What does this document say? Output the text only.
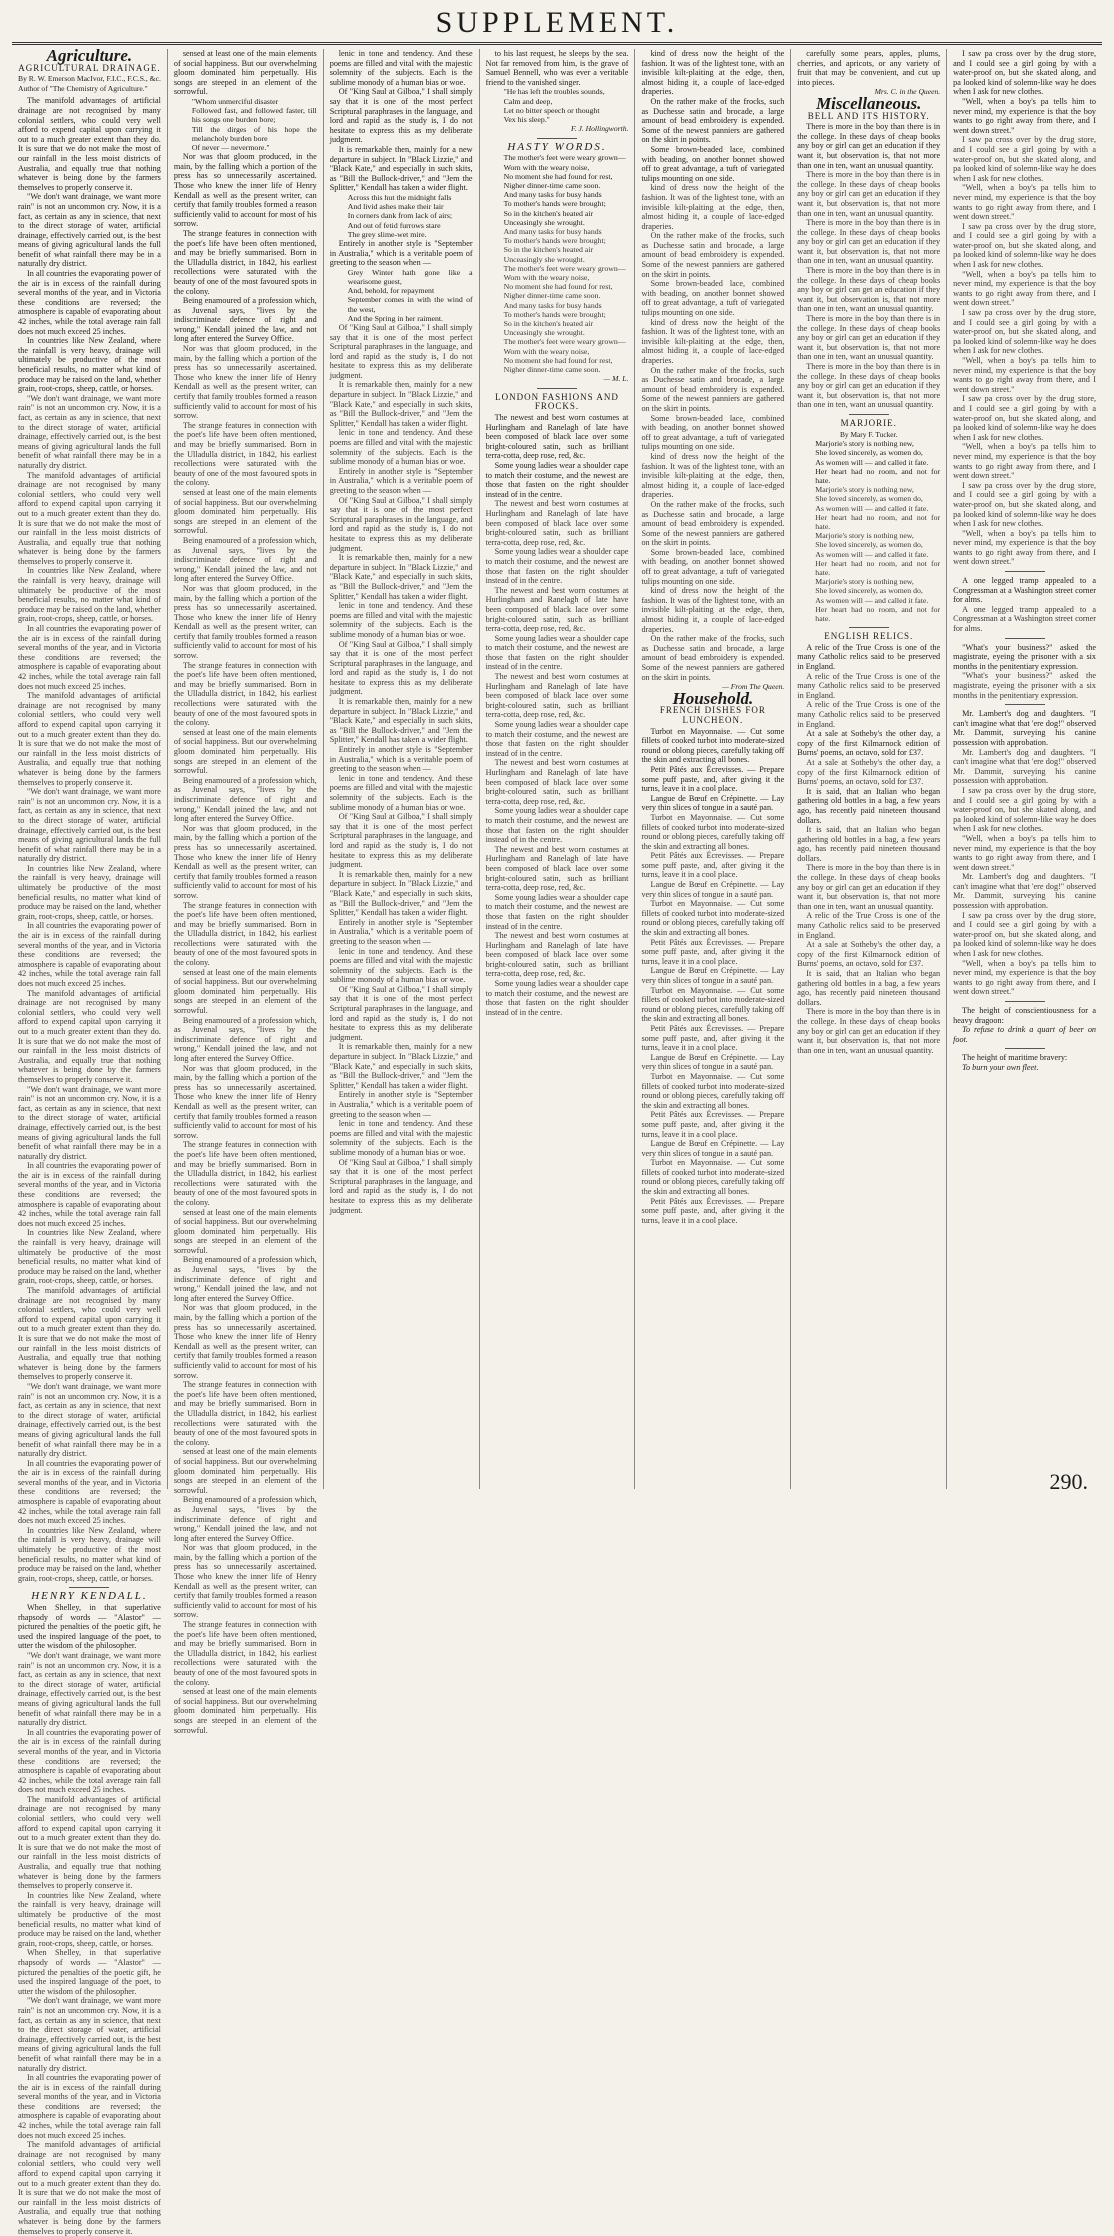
SUPPLEMENT.
Agriculture.
AGRICULTURAL DRAINAGE.
By R. W. Emerson MacIvor, F.I.C., F.C.S., &c. Author of "The Chemistry of Agriculture."

The manifold advantages of artificial drainage are not recognised by many colonial settlers, who could very well afford to expend capital upon carrying it out to a much greater extent than they do. It is sure that we do not make the most of our rainfall in the less moist districts of Australia, and equally true that nothing whatever is being done by the farmers themselves to properly conserve it.

"We don't want drainage, we want more rain" is not an uncommon cry. Now, it is a fact, as certain as any in science, that next to the direct storage of water, artificial drainage, effectively carried out, is the best means of giving agricultural lands the full benefit of what rainfall there may be in a naturally dry district.

In all countries the evaporating power of the air is in excess of the rainfall during several months of the year, and in Victoria these conditions are reversed; the atmosphere is capable of evaporating about 42 inches, while the total average rain fall does not much exceed 25 inches.

In countries like New Zealand, where the rainfall is very heavy, drainage will ultimately be productive of the most beneficial results, no matter what kind of produce may be raised on the land, whether grain, root-crops, sheep, cattle, or horses.

"We don't want drainage, we want more rain" is not an uncommon cry. Now, it is a fact, as certain as any in science, that next to the direct storage of water, artificial drainage, effectively carried out, is the best means of giving agricultural lands the full benefit of what rainfall there may be in a naturally dry district.

The manifold advantages of artificial drainage are not recognised by many colonial settlers, who could very well afford to expend capital upon carrying it out to a much greater extent than they do. It is sure that we do not make the most of our rainfall in the less moist districts of Australia, and equally true that nothing whatever is being done by the farmers themselves to properly conserve it.

In countries like New Zealand, where the rainfall is very heavy, drainage will ultimately be productive of the most beneficial results, no matter what kind of produce may be raised on the land, whether grain, root-crops, sheep, cattle, or horses.

In all countries the evaporating power of the air is in excess of the rainfall during several months of the year, and in Victoria these conditions are reversed; the atmosphere is capable of evaporating about 42 inches, while the total average rain fall does not much exceed 25 inches.

The manifold advantages of artificial drainage are not recognised by many colonial settlers, who could very well afford to expend capital upon carrying it out to a much greater extent than they do. It is sure that we do not make the most of our rainfall in the less moist districts of Australia, and equally true that nothing whatever is being done by the farmers themselves to properly conserve it.

"We don't want drainage, we want more rain" is not an uncommon cry. Now, it is a fact, as certain as any in science, that next to the direct storage of water, artificial drainage, effectively carried out, is the best means of giving agricultural lands the full benefit of what rainfall there may be in a naturally dry district.

In countries like New Zealand, where the rainfall is very heavy, drainage will ultimately be productive of the most beneficial results, no matter what kind of produce may be raised on the land, whether grain, root-crops, sheep, cattle, or horses.

In all countries the evaporating power of the air is in excess of the rainfall during several months of the year, and in Victoria these conditions are reversed; the atmosphere is capable of evaporating about 42 inches, while the total average rain fall does not much exceed 25 inches.

The manifold advantages of artificial drainage are not recognised by many colonial settlers, who could very well afford to expend capital upon carrying it out to a much greater extent than they do. It is sure that we do not make the most of our rainfall in the less moist districts of Australia, and equally true that nothing whatever is being done by the farmers themselves to properly conserve it.

"We don't want drainage, we want more rain" is not an uncommon cry. Now, it is a fact, as certain as any in science, that next to the direct storage of water, artificial drainage, effectively carried out, is the best means of giving agricultural lands the full benefit of what rainfall there may be in a naturally dry district.

In all countries the evaporating power of the air is in excess of the rainfall during several months of the year, and in Victoria these conditions are reversed; the atmosphere is capable of evaporating about 42 inches, while the total average rain fall does not much exceed 25 inches.

In countries like New Zealand, where the rainfall is very heavy, drainage will ultimately be productive of the most beneficial results, no matter what kind of produce may be raised on the land, whether grain, root-crops, sheep, cattle, or horses.

The manifold advantages of artificial drainage are not recognised by many colonial settlers, who could very well afford to expend capital upon carrying it out to a much greater extent than they do. It is sure that we do not make the most of our rainfall in the less moist districts of Australia, and equally true that nothing whatever is being done by the farmers themselves to properly conserve it.

"We don't want drainage, we want more rain" is not an uncommon cry. Now, it is a fact, as certain as any in science, that next to the direct storage of water, artificial drainage, effectively carried out, is the best means of giving agricultural lands the full benefit of what rainfall there may be in a naturally dry district.

In all countries the evaporating power of the air is in excess of the rainfall during several months of the year, and in Victoria these conditions are reversed; the atmosphere is capable of evaporating about 42 inches, while the total average rain fall does not much exceed 25 inches.

In countries like New Zealand, where the rainfall is very heavy, drainage will ultimately be productive of the most beneficial results, no matter what kind of produce may be raised on the land, whether grain, root-crops, sheep, cattle, or horses.

HENRY KENDALL.

When Shelley, in that superlative rhapsody of words — "Alastor" — pictured the penalties of the poetic gift, he used the inspired language of the poet, to utter the wisdom of the philosopher.

"We don't want drainage, we want more rain" is not an uncommon cry. Now, it is a fact, as certain as any in science, that next to the direct storage of water, artificial drainage, effectively carried out, is the best means of giving agricultural lands the full benefit of what rainfall there may be in a naturally dry district.

In all countries the evaporating power of the air is in excess of the rainfall during several months of the year, and in Victoria these conditions are reversed; the atmosphere is capable of evaporating about 42 inches, while the total average rain fall does not much exceed 25 inches.

The manifold advantages of artificial drainage are not recognised by many colonial settlers, who could very well afford to expend capital upon carrying it out to a much greater extent than they do. It is sure that we do not make the most of our rainfall in the less moist districts of Australia, and equally true that nothing whatever is being done by the farmers themselves to properly conserve it.

In countries like New Zealand, where the rainfall is very heavy, drainage will ultimately be productive of the most beneficial results, no matter what kind of produce may be raised on the land, whether grain, root-crops, sheep, cattle, or horses.

When Shelley, in that superlative rhapsody of words — "Alastor" — pictured the penalties of the poetic gift, he used the inspired language of the poet, to utter the wisdom of the philosopher.

"We don't want drainage, we want more rain" is not an uncommon cry. Now, it is a fact, as certain as any in science, that next to the direct storage of water, artificial drainage, effectively carried out, is the best means of giving agricultural lands the full benefit of what rainfall there may be in a naturally dry district.

In all countries the evaporating power of the air is in excess of the rainfall during several months of the year, and in Victoria these conditions are reversed; the atmosphere is capable of evaporating about 42 inches, while the total average rain fall does not much exceed 25 inches.

The manifold advantages of artificial drainage are not recognised by many colonial settlers, who could very well afford to expend capital upon carrying it out to a much greater extent than they do. It is sure that we do not make the most of our rainfall in the less moist districts of Australia, and equally true that nothing whatever is being done by the farmers themselves to properly conserve it.

sensed at least one of the main elements of social happiness. But our overwhelming gloom dominated him perpetually. His songs are steeped in an element of the sorrowful.

"Whom unmerciful disaster
Followed fast, and followed faster, till his songs one burden bore;
Till the dirges of his hope the melancholy burden bore
Of never — nevermore."

Nor was that gloom produced, in the main, by the falling which a portion of the press has so unnecessarily ascertained. Those who knew the inner life of Henry Kendall as well as the present writer, can certify that family troubles formed a reason sufficiently valid to account for most of his sorrow.

The strange features in connection with the poet's life have been often mentioned, and may be briefly summarised. Born in the Ulladulla district, in 1842, his earliest recollections were saturated with the beauty of one of the most favoured spots in the colony.

Being enamoured of a profession which, as Juvenal says, "lives by the indiscriminate defence of right and wrong," Kendall joined the law, and not long after entered the Survey Office.

Nor was that gloom produced, in the main, by the falling which a portion of the press has so unnecessarily ascertained. Those who knew the inner life of Henry Kendall as well as the present writer, can certify that family troubles formed a reason sufficiently valid to account for most of his sorrow.

The strange features in connection with the poet's life have been often mentioned, and may be briefly summarised. Born in the Ulladulla district, in 1842, his earliest recollections were saturated with the beauty of one of the most favoured spots in the colony.

sensed at least one of the main elements of social happiness. But our overwhelming gloom dominated him perpetually. His songs are steeped in an element of the sorrowful.

Being enamoured of a profession which, as Juvenal says, "lives by the indiscriminate defence of right and wrong," Kendall joined the law, and not long after entered the Survey Office.

Nor was that gloom produced, in the main, by the falling which a portion of the press has so unnecessarily ascertained. Those who knew the inner life of Henry Kendall as well as the present writer, can certify that family troubles formed a reason sufficiently valid to account for most of his sorrow.

The strange features in connection with the poet's life have been often mentioned, and may be briefly summarised. Born in the Ulladulla district, in 1842, his earliest recollections were saturated with the beauty of one of the most favoured spots in the colony.

sensed at least one of the main elements of social happiness. But our overwhelming gloom dominated him perpetually. His songs are steeped in an element of the sorrowful.

Being enamoured of a profession which, as Juvenal says, "lives by the indiscriminate defence of right and wrong," Kendall joined the law, and not long after entered the Survey Office.

Nor was that gloom produced, in the main, by the falling which a portion of the press has so unnecessarily ascertained. Those who knew the inner life of Henry Kendall as well as the present writer, can certify that family troubles formed a reason sufficiently valid to account for most of his sorrow.

The strange features in connection with the poet's life have been often mentioned, and may be briefly summarised. Born in the Ulladulla district, in 1842, his earliest recollections were saturated with the beauty of one of the most favoured spots in the colony.

sensed at least one of the main elements of social happiness. But our overwhelming gloom dominated him perpetually. His songs are steeped in an element of the sorrowful.

Being enamoured of a profession which, as Juvenal says, "lives by the indiscriminate defence of right and wrong," Kendall joined the law, and not long after entered the Survey Office.

Nor was that gloom produced, in the main, by the falling which a portion of the press has so unnecessarily ascertained. Those who knew the inner life of Henry Kendall as well as the present writer, can certify that family troubles formed a reason sufficiently valid to account for most of his sorrow.

The strange features in connection with the poet's life have been often mentioned, and may be briefly summarised. Born in the Ulladulla district, in 1842, his earliest recollections were saturated with the beauty of one of the most favoured spots in the colony.

sensed at least one of the main elements of social happiness. But our overwhelming gloom dominated him perpetually. His songs are steeped in an element of the sorrowful.

Being enamoured of a profession which, as Juvenal says, "lives by the indiscriminate defence of right and wrong," Kendall joined the law, and not long after entered the Survey Office.

Nor was that gloom produced, in the main, by the falling which a portion of the press has so unnecessarily ascertained. Those who knew the inner life of Henry Kendall as well as the present writer, can certify that family troubles formed a reason sufficiently valid to account for most of his sorrow.

The strange features in connection with the poet's life have been often mentioned, and may be briefly summarised. Born in the Ulladulla district, in 1842, his earliest recollections were saturated with the beauty of one of the most favoured spots in the colony.

sensed at least one of the main elements of social happiness. But our overwhelming gloom dominated him perpetually. His songs are steeped in an element of the sorrowful.

Being enamoured of a profession which, as Juvenal says, "lives by the indiscriminate defence of right and wrong," Kendall joined the law, and not long after entered the Survey Office.

Nor was that gloom produced, in the main, by the falling which a portion of the press has so unnecessarily ascertained. Those who knew the inner life of Henry Kendall as well as the present writer, can certify that family troubles formed a reason sufficiently valid to account for most of his sorrow.

The strange features in connection with the poet's life have been often mentioned, and may be briefly summarised. Born in the Ulladulla district, in 1842, his earliest recollections were saturated with the beauty of one of the most favoured spots in the colony.

sensed at least one of the main elements of social happiness. But our overwhelming gloom dominated him perpetually. His songs are steeped in an element of the sorrowful.

lenic in tone and tendency. And these poems are filled and vital with the majestic solemnity of the subjects. Each is the sublime monody of a human bias or woe.

Of "King Saul at Gilboa," I shall simply say that it is one of the most perfect Scriptural paraphrases in the language, and lord and rapid as the study is, I do not hesitate to express this as my deliberate judgment.

It is remarkable then, mainly for a new departure in subject. In "Black Lizzie," and "Black Kate," and especially in such skits, as "Bill the Bullock-driver," and "Jem the Splitter," Kendall has taken a wider flight.

Across this hut the midnight falls
And livid ashes make their lair
In corners dank from lack of airs;
And out of fetid furrows stare
The grey slime-wet mire.

Entirely in another style is "September in Australia," which is a veritable poem of greeting to the season when —

Grey Winter hath gone like a wearisome guest,
And, behold, for repayment
September comes in with the wind of the west,
And the Spring in her raiment.

Of "King Saul at Gilboa," I shall simply say that it is one of the most perfect Scriptural paraphrases in the language, and lord and rapid as the study is, I do not hesitate to express this as my deliberate judgment.

It is remarkable then, mainly for a new departure in subject. In "Black Lizzie," and "Black Kate," and especially in such skits, as "Bill the Bullock-driver," and "Jem the Splitter," Kendall has taken a wider flight.

lenic in tone and tendency. And these poems are filled and vital with the majestic solemnity of the subjects. Each is the sublime monody of a human bias or woe.

Entirely in another style is "September in Australia," which is a veritable poem of greeting to the season when —

Of "King Saul at Gilboa," I shall simply say that it is one of the most perfect Scriptural paraphrases in the language, and lord and rapid as the study is, I do not hesitate to express this as my deliberate judgment.

It is remarkable then, mainly for a new departure in subject. In "Black Lizzie," and "Black Kate," and especially in such skits, as "Bill the Bullock-driver," and "Jem the Splitter," Kendall has taken a wider flight.

lenic in tone and tendency. And these poems are filled and vital with the majestic solemnity of the subjects. Each is the sublime monody of a human bias or woe.

Of "King Saul at Gilboa," I shall simply say that it is one of the most perfect Scriptural paraphrases in the language, and lord and rapid as the study is, I do not hesitate to express this as my deliberate judgment.

It is remarkable then, mainly for a new departure in subject. In "Black Lizzie," and "Black Kate," and especially in such skits, as "Bill the Bullock-driver," and "Jem the Splitter," Kendall has taken a wider flight.

Entirely in another style is "September in Australia," which is a veritable poem of greeting to the season when —

lenic in tone and tendency. And these poems are filled and vital with the majestic solemnity of the subjects. Each is the sublime monody of a human bias or woe.

Of "King Saul at Gilboa," I shall simply say that it is one of the most perfect Scriptural paraphrases in the language, and lord and rapid as the study is, I do not hesitate to express this as my deliberate judgment.

It is remarkable then, mainly for a new departure in subject. In "Black Lizzie," and "Black Kate," and especially in such skits, as "Bill the Bullock-driver," and "Jem the Splitter," Kendall has taken a wider flight.

Entirely in another style is "September in Australia," which is a veritable poem of greeting to the season when —

lenic in tone and tendency. And these poems are filled and vital with the majestic solemnity of the subjects. Each is the sublime monody of a human bias or woe.

Of "King Saul at Gilboa," I shall simply say that it is one of the most perfect Scriptural paraphrases in the language, and lord and rapid as the study is, I do not hesitate to express this as my deliberate judgment.

It is remarkable then, mainly for a new departure in subject. In "Black Lizzie," and "Black Kate," and especially in such skits, as "Bill the Bullock-driver," and "Jem the Splitter," Kendall has taken a wider flight.

Entirely in another style is "September in Australia," which is a veritable poem of greeting to the season when —

lenic in tone and tendency. And these poems are filled and vital with the majestic solemnity of the subjects. Each is the sublime monody of a human bias or woe.

Of "King Saul at Gilboa," I shall simply say that it is one of the most perfect Scriptural paraphrases in the language, and lord and rapid as the study is, I do not hesitate to express this as my deliberate judgment.

to his last request, he sleeps by the sea. Not far removed from him, is the grave of Samuel Bennell, who was ever a veritable friend to the vanished singer.

"He has left the troubles sounds,
Calm and deep,
Let no bitter speech or thought
Vex his sleep."
F. J. Hollingworth.
HASTY WORDS.
The mother's feet were weary grown—
Worn with the weary noise,
No moment she had found for rest,
Nigher dinner-time came soon.
And many tasks for busy hands
To mother's hands were brought;
So in the kitchen's heated air
Unceasingly she wrought.
And many tasks for busy hands
To mother's hands were brought;
So in the kitchen's heated air
Unceasingly she wrought.
The mother's feet were weary grown—
Worn with the weary noise,
No moment she had found for rest,
Nigher dinner-time came soon.
And many tasks for busy hands
To mother's hands were brought;
So in the kitchen's heated air
Unceasingly she wrought.
The mother's feet were weary grown—
Worn with the weary noise,
No moment she had found for rest,
Nigher dinner-time came soon.
— M. L.
LONDON FASHIONS AND FROCKS.

The newest and best worn costumes at Hurlingham and Ranelagh of late have been composed of black lace over some bright-coloured satin, such as brilliant terra-cotta, deep rose, red, &c.

Some young ladies wear a shoulder cape to match their costume, and the newest are those that fasten on the right shoulder instead of in the centre.

The newest and best worn costumes at Hurlingham and Ranelagh of late have been composed of black lace over some bright-coloured satin, such as brilliant terra-cotta, deep rose, red, &c.

Some young ladies wear a shoulder cape to match their costume, and the newest are those that fasten on the right shoulder instead of in the centre.

The newest and best worn costumes at Hurlingham and Ranelagh of late have been composed of black lace over some bright-coloured satin, such as brilliant terra-cotta, deep rose, red, &c.

Some young ladies wear a shoulder cape to match their costume, and the newest are those that fasten on the right shoulder instead of in the centre.

The newest and best worn costumes at Hurlingham and Ranelagh of late have been composed of black lace over some bright-coloured satin, such as brilliant terra-cotta, deep rose, red, &c.

Some young ladies wear a shoulder cape to match their costume, and the newest are those that fasten on the right shoulder instead of in the centre.

The newest and best worn costumes at Hurlingham and Ranelagh of late have been composed of black lace over some bright-coloured satin, such as brilliant terra-cotta, deep rose, red, &c.

Some young ladies wear a shoulder cape to match their costume, and the newest are those that fasten on the right shoulder instead of in the centre.

The newest and best worn costumes at Hurlingham and Ranelagh of late have been composed of black lace over some bright-coloured satin, such as brilliant terra-cotta, deep rose, red, &c.

Some young ladies wear a shoulder cape to match their costume, and the newest are those that fasten on the right shoulder instead of in the centre.

The newest and best worn costumes at Hurlingham and Ranelagh of late have been composed of black lace over some bright-coloured satin, such as brilliant terra-cotta, deep rose, red, &c.

Some young ladies wear a shoulder cape to match their costume, and the newest are those that fasten on the right shoulder instead of in the centre.

kind of dress now the height of the fashion. It was of the lightest tone, with an invisible kilt-plaiting at the edge, then, almost hiding it, a couple of lace-edged draperies.

On the rather make of the frocks, such as Duchesse satin and brocade, a large amount of bead embroidery is expended. Some of the newest panniers are gathered on the skirt in points.

Some brown-beaded lace, combined with beading, on another bonnet showed off to great advantage, a tuft of variegated tulips mounting on one side.

kind of dress now the height of the fashion. It was of the lightest tone, with an invisible kilt-plaiting at the edge, then, almost hiding it, a couple of lace-edged draperies.

On the rather make of the frocks, such as Duchesse satin and brocade, a large amount of bead embroidery is expended. Some of the newest panniers are gathered on the skirt in points.

Some brown-beaded lace, combined with beading, on another bonnet showed off to great advantage, a tuft of variegated tulips mounting on one side.

kind of dress now the height of the fashion. It was of the lightest tone, with an invisible kilt-plaiting at the edge, then, almost hiding it, a couple of lace-edged draperies.

On the rather make of the frocks, such as Duchesse satin and brocade, a large amount of bead embroidery is expended. Some of the newest panniers are gathered on the skirt in points.

Some brown-beaded lace, combined with beading, on another bonnet showed off to great advantage, a tuft of variegated tulips mounting on one side.

kind of dress now the height of the fashion. It was of the lightest tone, with an invisible kilt-plaiting at the edge, then, almost hiding it, a couple of lace-edged draperies.

On the rather make of the frocks, such as Duchesse satin and brocade, a large amount of bead embroidery is expended. Some of the newest panniers are gathered on the skirt in points.

Some brown-beaded lace, combined with beading, on another bonnet showed off to great advantage, a tuft of variegated tulips mounting on one side.

kind of dress now the height of the fashion. It was of the lightest tone, with an invisible kilt-plaiting at the edge, then, almost hiding it, a couple of lace-edged draperies.

On the rather make of the frocks, such as Duchesse satin and brocade, a large amount of bead embroidery is expended. Some of the newest panniers are gathered on the skirt in points.

— From The Queen.
Household.
FRENCH DISHES FOR LUNCHEON.

Turbot en Mayonnaise. — Cut some fillets of cooked turbot into moderate-sized round or oblong pieces, carefully taking off the skin and extracting all bones.

Petit Pâtés aux Écrevisses. — Prepare some puff paste, and, after giving it the turns, leave it in a cool place.

Langue de Bœuf en Crépinette. — Lay very thin slices of tongue in a sauté pan.

Turbot en Mayonnaise. — Cut some fillets of cooked turbot into moderate-sized round or oblong pieces, carefully taking off the skin and extracting all bones.

Petit Pâtés aux Écrevisses. — Prepare some puff paste, and, after giving it the turns, leave it in a cool place.

Langue de Bœuf en Crépinette. — Lay very thin slices of tongue in a sauté pan.

Turbot en Mayonnaise. — Cut some fillets of cooked turbot into moderate-sized round or oblong pieces, carefully taking off the skin and extracting all bones.

Petit Pâtés aux Écrevisses. — Prepare some puff paste, and, after giving it the turns, leave it in a cool place.

Langue de Bœuf en Crépinette. — Lay very thin slices of tongue in a sauté pan.

Turbot en Mayonnaise. — Cut some fillets of cooked turbot into moderate-sized round or oblong pieces, carefully taking off the skin and extracting all bones.

Petit Pâtés aux Écrevisses. — Prepare some puff paste, and, after giving it the turns, leave it in a cool place.

Langue de Bœuf en Crépinette. — Lay very thin slices of tongue in a sauté pan.

Turbot en Mayonnaise. — Cut some fillets of cooked turbot into moderate-sized round or oblong pieces, carefully taking off the skin and extracting all bones.

Petit Pâtés aux Écrevisses. — Prepare some puff paste, and, after giving it the turns, leave it in a cool place.

Langue de Bœuf en Crépinette. — Lay very thin slices of tongue in a sauté pan.

Turbot en Mayonnaise. — Cut some fillets of cooked turbot into moderate-sized round or oblong pieces, carefully taking off the skin and extracting all bones.

Petit Pâtés aux Écrevisses. — Prepare some puff paste, and, after giving it the turns, leave it in a cool place.

carefully some pears, apples, plums, cherries, and apricots, or any variety of fruit that may be convenient, and cut up into pieces.

Mrs. C. in the Queen.
Miscellaneous.
BELL AND ITS HISTORY.

There is more in the boy than there is in the college. In these days of cheap books any boy or girl can get an education if they want it, but observation is, that not more than one in ten, want an unusual quantity.

There is more in the boy than there is in the college. In these days of cheap books any boy or girl can get an education if they want it, but observation is, that not more than one in ten, want an unusual quantity.

There is more in the boy than there is in the college. In these days of cheap books any boy or girl can get an education if they want it, but observation is, that not more than one in ten, want an unusual quantity.

There is more in the boy than there is in the college. In these days of cheap books any boy or girl can get an education if they want it, but observation is, that not more than one in ten, want an unusual quantity.

There is more in the boy than there is in the college. In these days of cheap books any boy or girl can get an education if they want it, but observation is, that not more than one in ten, want an unusual quantity.

There is more in the boy than there is in the college. In these days of cheap books any boy or girl can get an education if they want it, but observation is, that not more than one in ten, want an unusual quantity.

MARJORIE.
By Mary F. Tucker.
Marjorie's story is nothing new,
She loved sincerely, as women do,
As women will — and called it fate.
Her heart had no room, and not for hate.
Marjorie's story is nothing new,
She loved sincerely, as women do,
As women will — and called it fate.
Her heart had no room, and not for hate.
Marjorie's story is nothing new,
She loved sincerely, as women do,
As women will — and called it fate.
Her heart had no room, and not for hate.
Marjorie's story is nothing new,
She loved sincerely, as women do,
As women will — and called it fate.
Her heart had no room, and not for hate.
ENGLISH RELICS.

A relic of the True Cross is one of the many Catholic relics said to be preserved in England.

A relic of the True Cross is one of the many Catholic relics said to be preserved in England.

A relic of the True Cross is one of the many Catholic relics said to be preserved in England.

At a sale at Sotheby's the other day, a copy of the first Kilmarnock edition of Burns' poems, an octavo, sold for £37.

At a sale at Sotheby's the other day, a copy of the first Kilmarnock edition of Burns' poems, an octavo, sold for £37.

It is said, that an Italian who began gathering old bottles in a bag, a few years ago, has recently paid nineteen thousand dollars.

It is said, that an Italian who began gathering old bottles in a bag, a few years ago, has recently paid nineteen thousand dollars.

There is more in the boy than there is in the college. In these days of cheap books any boy or girl can get an education if they want it, but observation is, that not more than one in ten, want an unusual quantity.

A relic of the True Cross is one of the many Catholic relics said to be preserved in England.

At a sale at Sotheby's the other day, a copy of the first Kilmarnock edition of Burns' poems, an octavo, sold for £37.

It is said, that an Italian who began gathering old bottles in a bag, a few years ago, has recently paid nineteen thousand dollars.

There is more in the boy than there is in the college. In these days of cheap books any boy or girl can get an education if they want it, but observation is, that not more than one in ten, want an unusual quantity.

I saw pa cross over by the drug store, and I could see a girl going by with a water-proof on, but she skated along, and pa looked kind of solemn-like way he does when I ask for new clothes.

"Well, when a boy's pa tells him to never mind, my experience is that the boy wants to go right away from there, and I went down street."

I saw pa cross over by the drug store, and I could see a girl going by with a water-proof on, but she skated along, and pa looked kind of solemn-like way he does when I ask for new clothes.

"Well, when a boy's pa tells him to never mind, my experience is that the boy wants to go right away from there, and I went down street."

I saw pa cross over by the drug store, and I could see a girl going by with a water-proof on, but she skated along, and pa looked kind of solemn-like way he does when I ask for new clothes.

"Well, when a boy's pa tells him to never mind, my experience is that the boy wants to go right away from there, and I went down street."

I saw pa cross over by the drug store, and I could see a girl going by with a water-proof on, but she skated along, and pa looked kind of solemn-like way he does when I ask for new clothes.

"Well, when a boy's pa tells him to never mind, my experience is that the boy wants to go right away from there, and I went down street."

I saw pa cross over by the drug store, and I could see a girl going by with a water-proof on, but she skated along, and pa looked kind of solemn-like way he does when I ask for new clothes.

"Well, when a boy's pa tells him to never mind, my experience is that the boy wants to go right away from there, and I went down street."

I saw pa cross over by the drug store, and I could see a girl going by with a water-proof on, but she skated along, and pa looked kind of solemn-like way he does when I ask for new clothes.

"Well, when a boy's pa tells him to never mind, my experience is that the boy wants to go right away from there, and I went down street."

A one legged tramp appealed to a Congressman at a Washington street corner for alms.

A one legged tramp appealed to a Congressman at a Washington street corner for alms.

"What's your business?" asked the magistrate, eyeing the prisoner with a six months in the penitentiary expression.

"What's your business?" asked the magistrate, eyeing the prisoner with a six months in the penitentiary expression.

Mr. Lambert's dog and daughters. "I can't imagine what that 'ere dog!" observed Mr. Dammit, surveying his canine possession with approbation.

Mr. Lambert's dog and daughters. "I can't imagine what that 'ere dog!" observed Mr. Dammit, surveying his canine possession with approbation.

I saw pa cross over by the drug store, and I could see a girl going by with a water-proof on, but she skated along, and pa looked kind of solemn-like way he does when I ask for new clothes.

"Well, when a boy's pa tells him to never mind, my experience is that the boy wants to go right away from there, and I went down street."

Mr. Lambert's dog and daughters. "I can't imagine what that 'ere dog!" observed Mr. Dammit, surveying his canine possession with approbation.

I saw pa cross over by the drug store, and I could see a girl going by with a water-proof on, but she skated along, and pa looked kind of solemn-like way he does when I ask for new clothes.

"Well, when a boy's pa tells him to never mind, my experience is that the boy wants to go right away from there, and I went down street."

The height of conscientiousness for a heavy dragoon:

To refuse to drink a quart of beer on foot.

The height of maritime bravery:

To burn your own fleet.

290.
